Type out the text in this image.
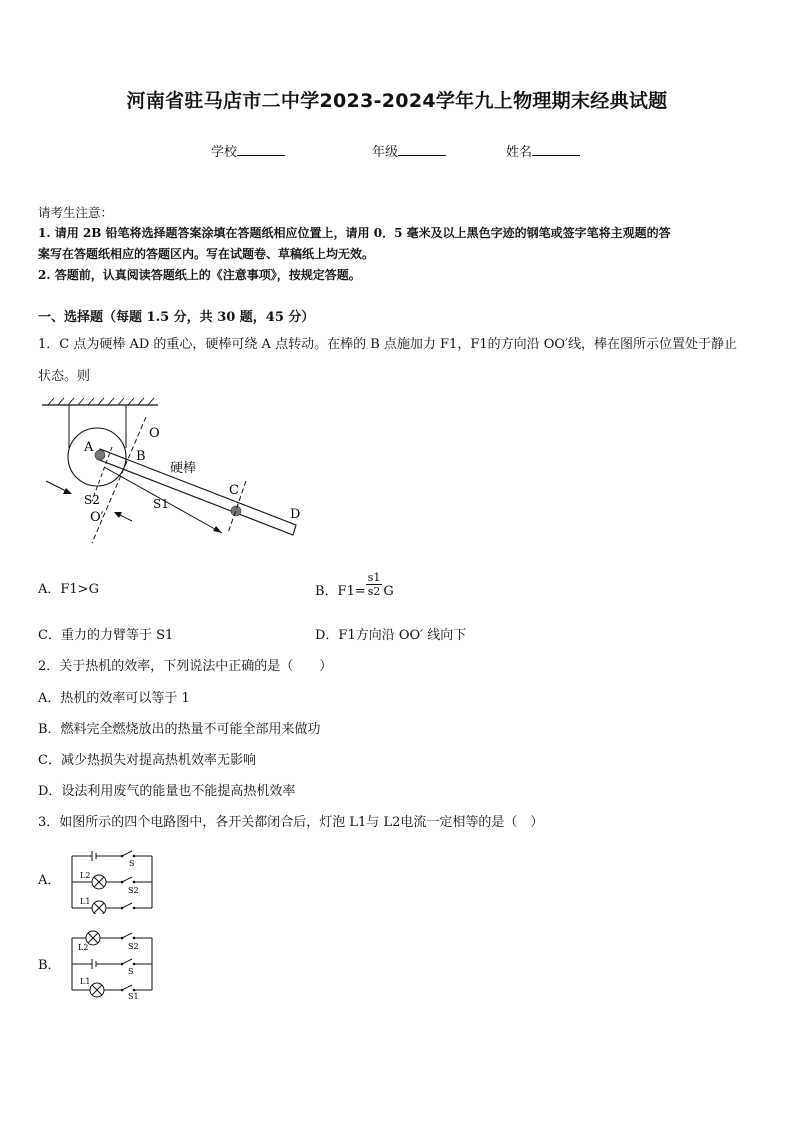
河南省驻马店市二中学2023-2024学年九上物理期末经典试题
学校	年级	姓名
请考生注意：
1. 请用 2B 铅笔将选择题答案涂填在答题纸相应位置上，请用 0．5 毫米及以上黑色字迹的钢笔或签字笔将主观题的答
案写在答题纸相应的答题区内。写在试题卷、草稿纸上均无效。
2. 答题前，认真阅读答题纸上的《注意事项》，按规定答题。
一、选择题（每题 1.5 分，共 30 题，45 分）
1．C 点为硬棒 AD 的重心，硬棒可绕 A 点转动。在棒的 B 点施加力 F1，F1的方向沿 OO′线，棒在图所示位置处于静止
状态。则
A
B
O
硬棒
C
D
S2	S1
O′
A．F1>G	B．$F1= \frac{s1}{s2}$ G
C．重力的力臂等于 S1	D．F1方向沿 OO′ 线向下
2．关于热机的效率，下列说法中正确的是（　　）
A．热机的效率可以等于 1
B．燃料完全燃烧放出的热量不可能全部用来做功
C．减少热损失对提高热机效率无影响
D．设法利用废气的能量也不能提高热机效率
3．如图所示的四个电路图中，各开关都闭合后，灯泡 L1与 L2电流一定相等的是（　）
A．
S
L2
S2
L1
B．
L2	S2
S
L1
S1
